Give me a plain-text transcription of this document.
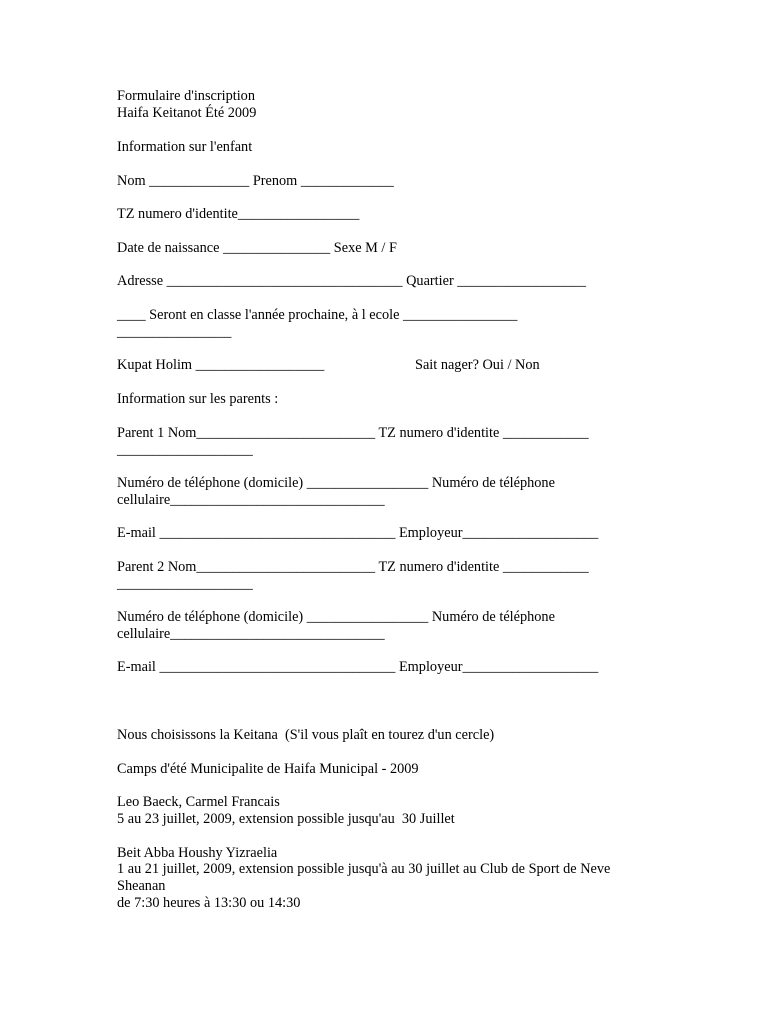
Formulaire d'inscription
Haifa Keitanot Été 2009
Information sur l'enfant
Nom ______________ Prenom _____________
TZ numero d'identite_________________
Date de naissance _______________ Sexe M / F
Adresse _________________________________ Quartier __________________
____ Seront en classe l'année prochaine, à l ecole ________________
________________
Kupat Holim __________________	Sait nager? Oui / Non
Information sur les parents :
Parent 1 Nom_________________________ TZ numero d'identite ____________
___________________
Numéro de téléphone (domicile) _________________ Numéro de téléphone
cellulaire______________________________
E-mail _________________________________ Employeur___________________
Parent 2 Nom_________________________ TZ numero d'identite ____________
___________________
Numéro de téléphone (domicile) _________________ Numéro de téléphone
cellulaire______________________________
E-mail _________________________________ Employeur___________________
Nous choisissons la Keitana  (S'il vous plaît en tourez d'un cercle)
Camps d'été Municipalite de Haifa Municipal - 2009
Leo Baeck, Carmel Francais
5 au 23 juillet, 2009, extension possible jusqu'au  30 Juillet
Beit Abba Houshy Yizraelia
1 au 21 juillet, 2009, extension possible jusqu'à au 30 juillet au Club de Sport de Neve
Sheanan
de 7:30 heures à 13:30 ou 14:30
